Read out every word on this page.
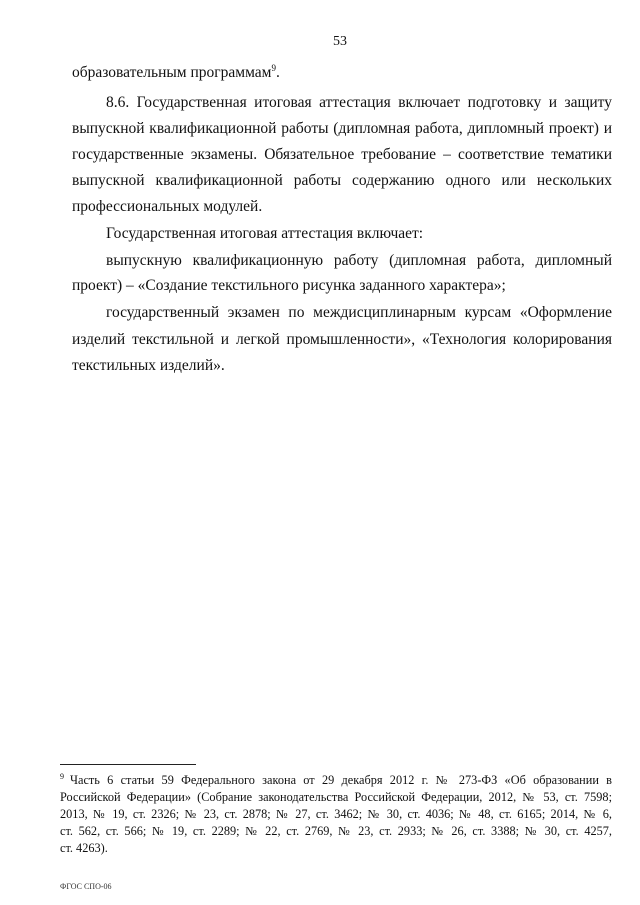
53
образовательным программам$^9$.
8.6. Государственная итоговая аттестация включает подготовку и защиту
выпускной квалификационной работы (дипломная работа, дипломный проект) и
государственные экзамены. Обязательное требование – соответствие тематики
выпускной квалификационной работы содержанию одного или нескольких
профессиональных модулей.
Государственная итоговая аттестация включает:
выпускную квалификационную работу (дипломная работа, дипломный
проект) – «Создание текстильного рисунка заданного характера»;
государственный экзамен по междисциплинарным курсам «Оформление
изделий текстильной и легкой промышленности», «Технология колорирования
текстильных изделий».
$^9$ Часть 6 статьи 59 Федерального закона от 29 декабря 2012 г. № 273-ФЗ «Об образовании в
Российской Федерации» (Собрание законодательства Российской Федерации, 2012, № 53, ст. 7598;
2013, № 19, ст. 2326; № 23, ст. 2878; № 27, ст. 3462; № 30, ст. 4036; № 48, ст. 6165; 2014, № 6,
ст. 562, ст. 566; № 19, ст. 2289; № 22, ст. 2769, № 23, ст. 2933; № 26, ст. 3388; № 30, ст. 4257,
ст. 4263).
ФГОС СПО-06
